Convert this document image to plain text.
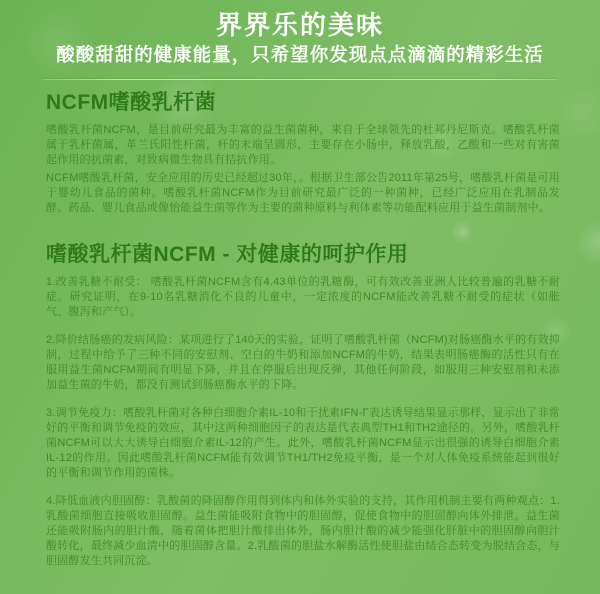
界界乐的美味
酸酸甜甜的健康能量，只希望你发现点点滴滴的精彩生活
NCFM嗜酸乳杆菌

嗜酸乳杆菌NCFM，是目前研究最为丰富的益生菌菌种，来自于全球领先的杜邦丹尼斯克。嗜酸乳杆菌属于乳杆菌属，革兰氏阳性杆菌，杆的末端呈圆形，主要存在小肠中，释放乳酸，乙酸和一些对有害菌起作用的抗菌素，对致病微生物具有拮抗作用。

NCFM嗜酸乳杆菌，安全应用的历史已经超过30年，。根据卫生部公告2011年第25号，嗜酸乳杆菌是可用于婴幼儿食品的菌种。嗜酸乳杆菌NCFM作为目前研究最广泛的一种菌种，已经广泛应用在乳制品发酵、药品、婴儿食品或像怡能益生菌等作为主要的菌种原料与利体素等功能配料应用于益生菌制剂中。

嗜酸乳杆菌NCFM - 对健康的呵护作用

1.改善乳糖不耐受： 嗜酸乳杆菌NCFM含有4.43单位的乳糖酶，可有效改善亚洲人比较普遍的乳糖不耐症。研究证明，在9-10名乳糖消化不良的儿童中，一定浓度的NCFM能改善乳糖不耐受的症状（如胀气、腹泻和产气）。

2.降价结肠癌的发病风险：某项进行了140天的实验，证明了嗜酸乳杆菌（NCFM)对肠癌酶水平的有效抑制，过程中给予了三种不同的安慰剂、空白的牛奶和添加NCFM的牛奶，结果表明肠癌酶的活性只有在服用益生菌NCFM期间有明显下降，并且在停服后出现反弹，其他任何阶段，如服用三种安慰剂和未添加益生菌的牛奶，都没有测试到肠癌酶水平的下降。

3.调节免疫力：嗜酸乳杆菌对各种白细胞介素IL-10和干扰素IFN-Γ表达诱导结果显示那样，显示出了非常好的平衡和调节免疫的效应，其中这两种细胞因子的表达是代表典型TH1和TH2途径的。另外，嗜酸乳杆菌NCFM可以大大诱导白细胞介素IL-12的产生。此外，嗜酸乳杆菌NCFM显示出很强的诱导白细胞介素 IL-12的作用。因此嗜酸乳杆菌NCFM能有效调节TH1/TH2免疫平衡，是一个对人体免疫系统能起到很好的平衡和调节作用的菌株。

4.降低血液内胆固醇：乳酸菌的降固醇作用得到体内和体外实验的支持，其作用机制主要有两种观点：1.乳酸菌细胞直接吸收胆固醇。益生菌能吸附食物中的胆固醇，促使食物中的胆固醇向体外排泄。益生菌还能吸附肠内的胆汁酸，随着菌体把胆汁酸排出体外，肠内胆汁酸的减少能强化肝脏中的胆固醇向胆汁酸转化，最终减少血清中的胆固醇含量。2.乳酸菌的胆盐水解酶活性使胆盐由结合态转变为脱结合态，与胆固醇发生共同沉淀。
